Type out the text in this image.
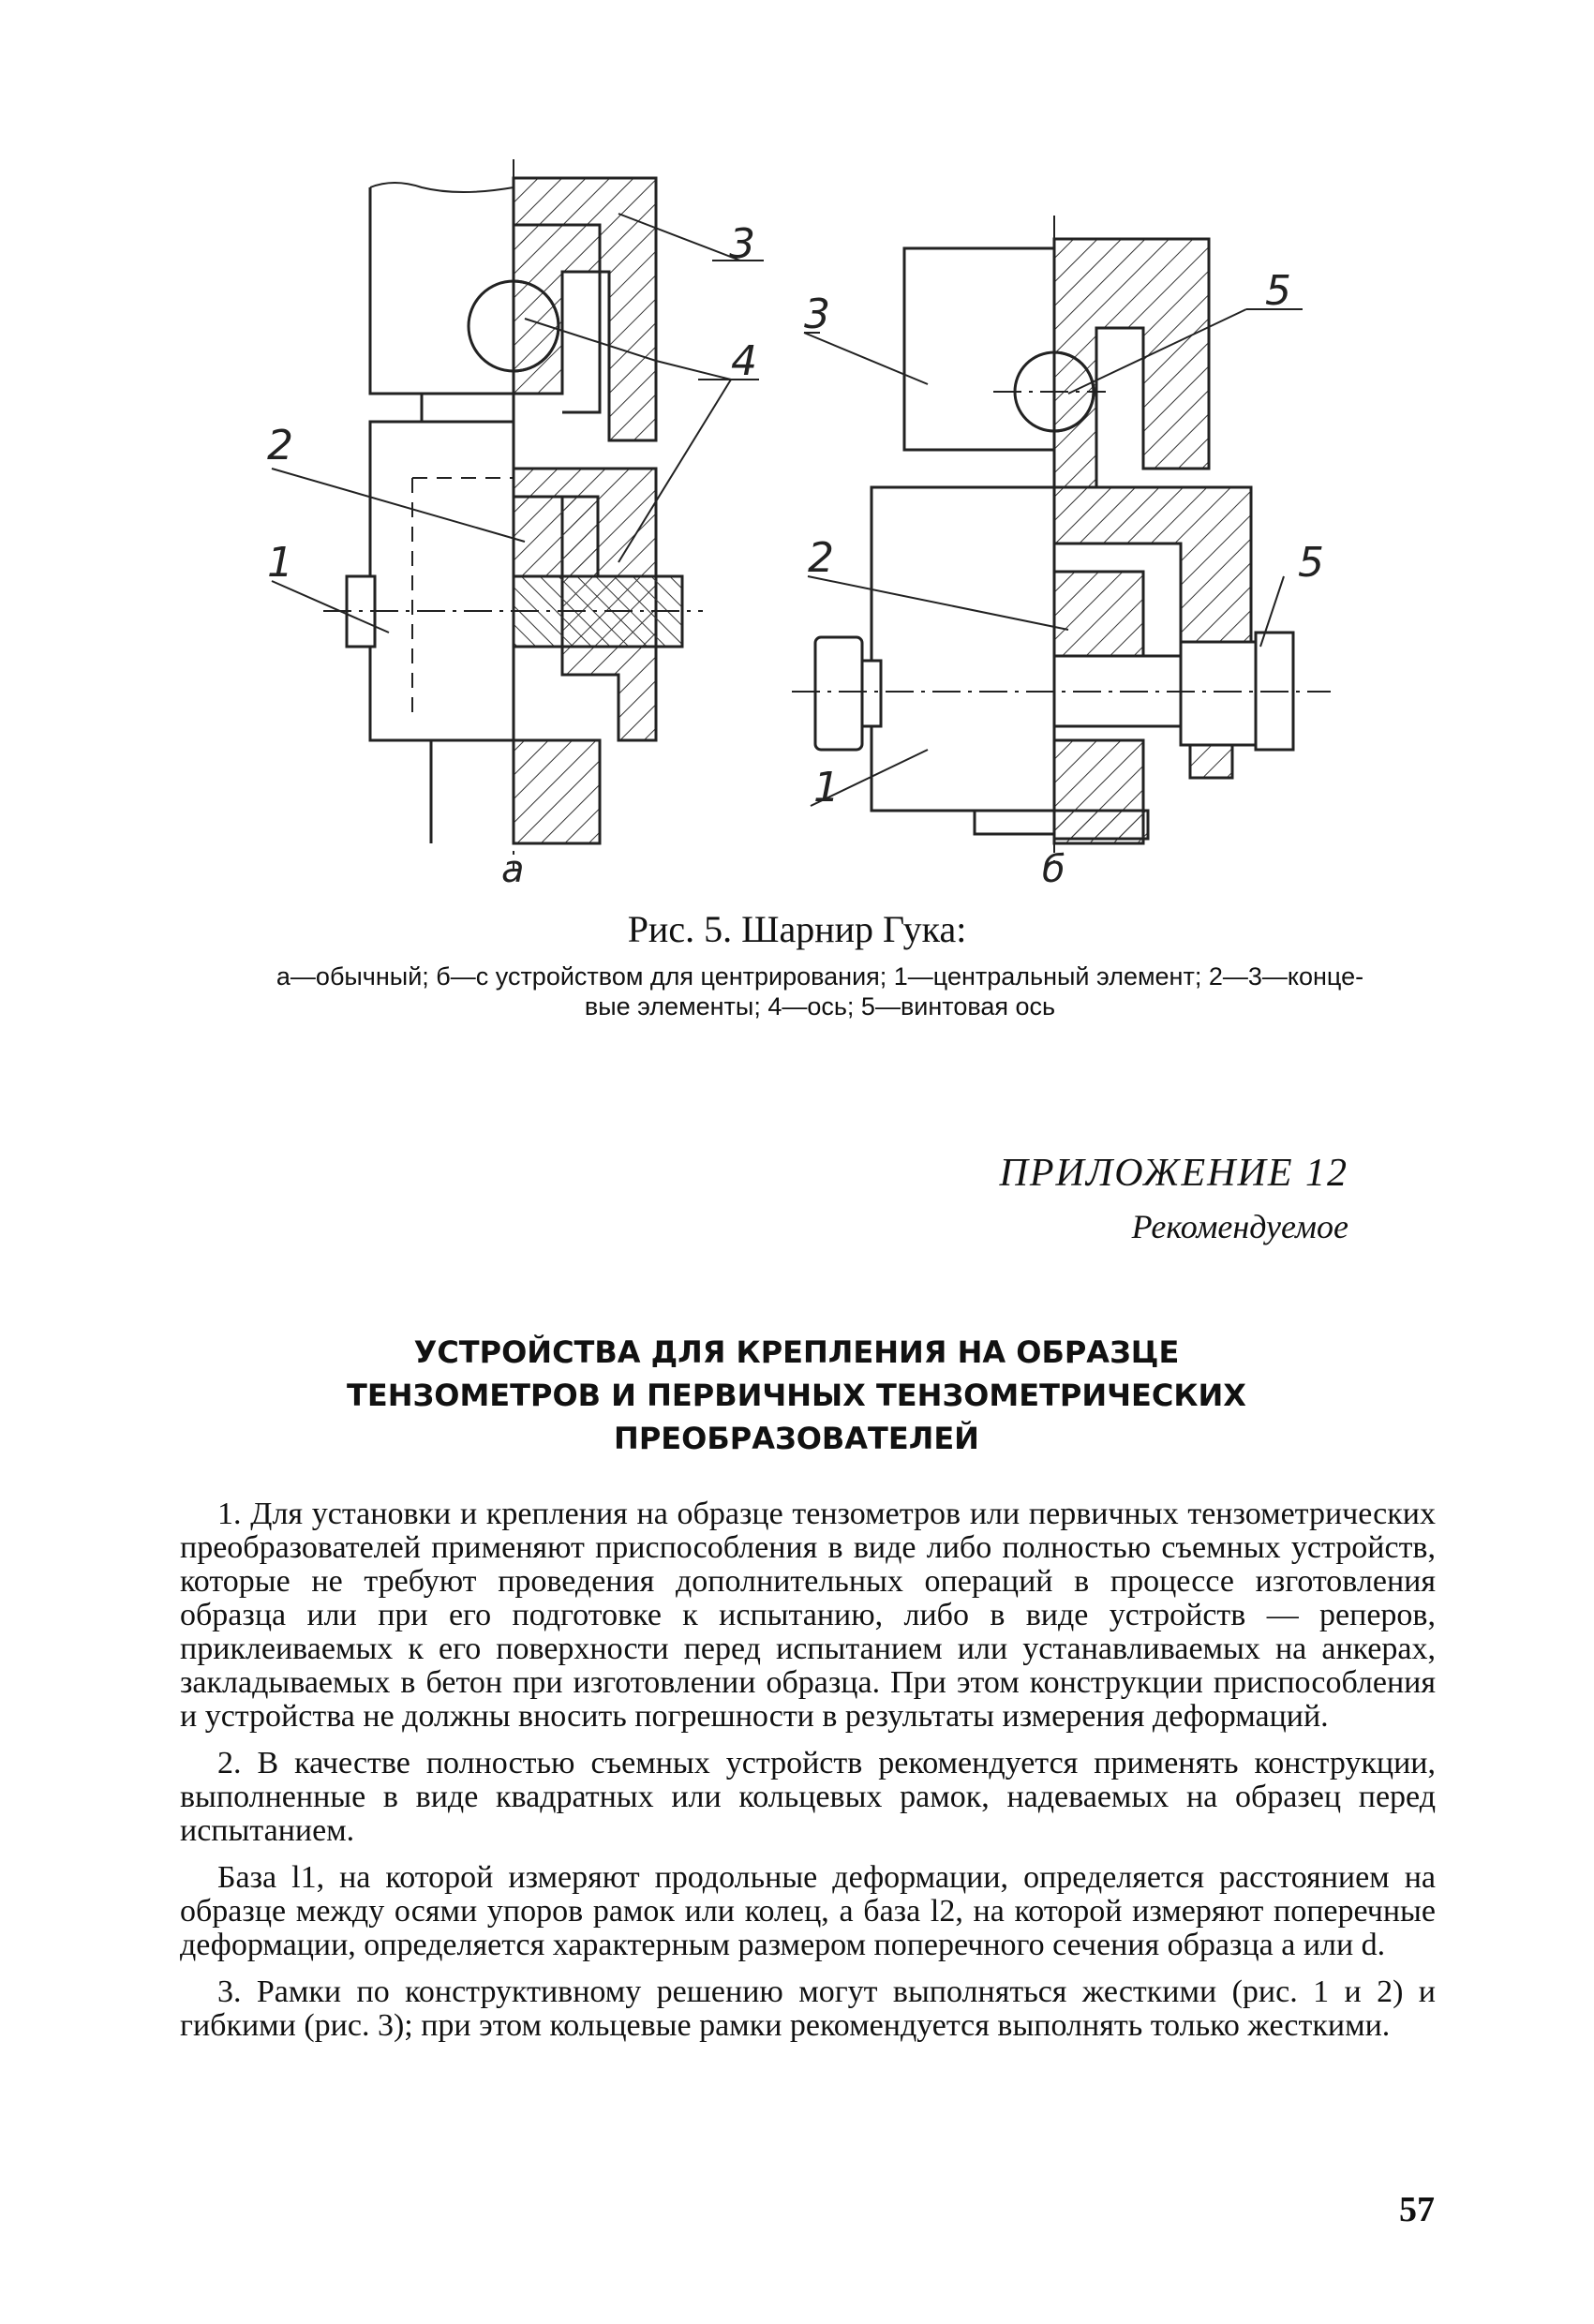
3
4
2
1
а
3	5
2	5
1
б
Рис. 5. Шарнир Гука:
а—обычный; б—с устройством для центрирования; 1—центральный элемент; 2—3—конце-
вые элементы; 4—ось; 5—винтовая ось
ПРИЛОЖЕНИЕ 12
Рекомендуемое
УСТРОЙСТВА ДЛЯ КРЕПЛЕНИЯ НА ОБРАЗЦЕ
ТЕНЗОМЕТРОВ И ПЕРВИЧНЫХ ТЕНЗОМЕТРИЧЕСКИХ
ПРЕОБРАЗОВАТЕЛЕЙ

1. Для установки и крепления на образце тензометров или первичных тензометрических преобразователей применяют приспособления в виде либо полностью съемных устройств, которые не требуют проведения дополнительных операций в процессе изготовления образца или при его подготовке к испытанию, либо в виде устройств — реперов, приклеиваемых к его поверхности перед испытанием или устанавливаемых на анкерах, закладываемых в бетон при изготовлении образца. При этом конструкции приспособления и устройства не должны вносить погрешности в результаты измерения деформаций.

2. В качестве полностью съемных устройств рекомендуется применять конструкции, выполненные в виде квадратных или кольцевых рамок, надеваемых на образец перед испытанием.

База l1, на которой измеряют продольные деформации, определяется расстоянием на образце между осями упоров рамок или колец, а база l2, на которой измеряют поперечные деформации, определяется характерным размером поперечного сечения образца a или d.

3. Рамки по конструктивному решению могут выполняться жесткими (рис. 1 и 2) и гибкими (рис. 3); при этом кольцевые рамки рекомендуется выполнять только жесткими.

57
